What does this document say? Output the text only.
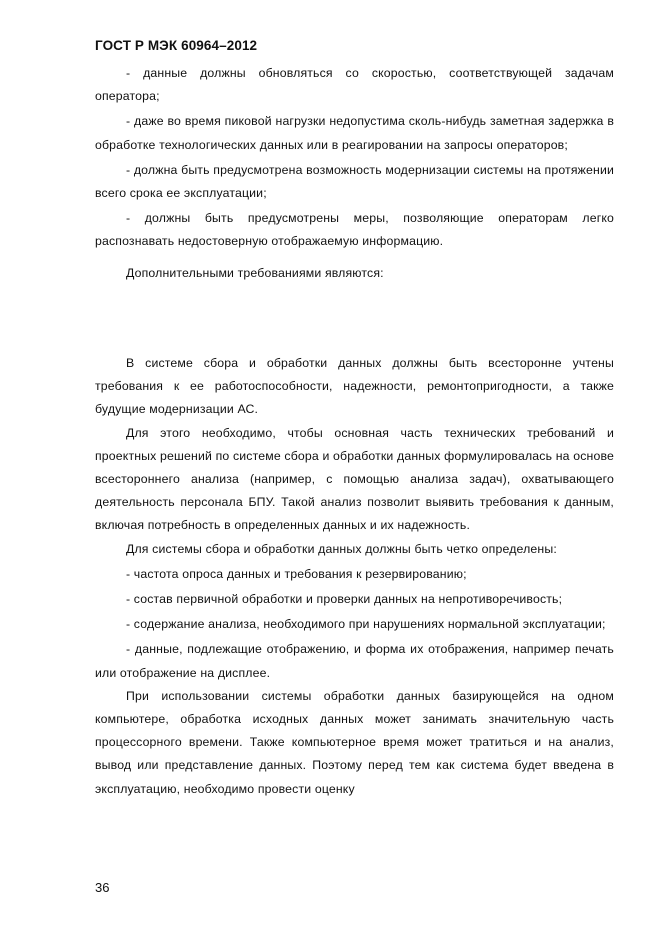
ГОСТ Р МЭК 60964–2012

- данные должны обновляться со скоростью, соответствующей задачам оператора;

- даже во время пиковой нагрузки недопустима сколь-нибудь заметная задержка в обработке технологических данных или в реагировании на запросы операторов;

- должна быть предусмотрена возможность модернизации системы на протяжении всего срока ее эксплуатации;

- должны быть предусмотрены меры, позволяющие операторам легко распознавать недостоверную отображаемую информацию.

Дополнительными требованиями являются:

В системе сбора и обработки данных должны быть всесторонне учтены требования к ее работоспособности, надежности, ремонтопригодности, а также будущие модернизации АС.

Для этого необходимо, чтобы основная часть технических требований и проектных решений по системе сбора и обработки данных формулировалась на основе всестороннего анализа (например, с помощью анализа задач), охватывающего деятельность персонала БПУ. Такой анализ позволит выявить требования к данным, включая потребность в определенных данных и их надежность.

Для системы сбора и обработки данных должны быть четко определены:

- частота опроса данных и требования к резервированию;

- состав первичной обработки и проверки данных на непротиворечивость;

- содержание анализа, необходимого при нарушениях нормальной эксплуатации;

- данные, подлежащие отображению, и форма их отображения, например печать или отображение на дисплее.

При использовании системы обработки данных базирующейся на одном компьютере, обработка исходных данных может занимать значительную часть процессорного времени. Также компьютерное время может тратиться и на анализ, вывод или представление данных. Поэтому перед тем как система будет введена в эксплуатацию, необходимо провести оценку

36
